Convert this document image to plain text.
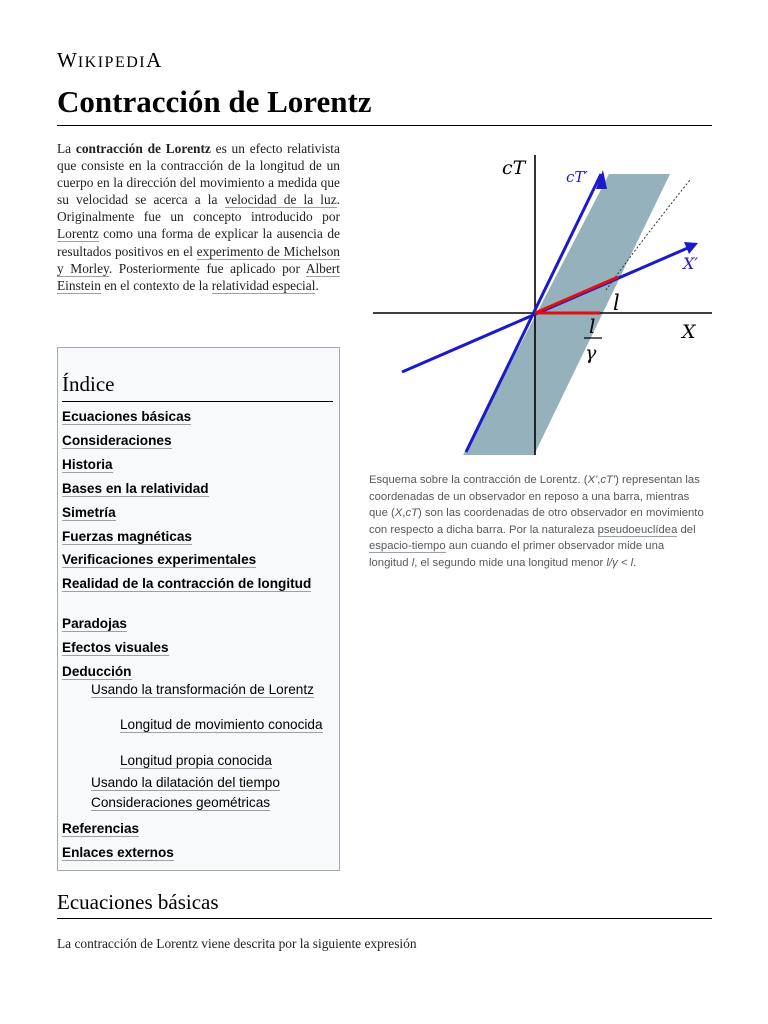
WIKIPEDIA
Contracción de Lorentz

La contracción de Lorentz es un efecto relativista que consiste en la contracción de la longitud de un cuerpo en la dirección del movimiento a medida que su velocidad se acerca a la velocidad de la luz. Originalmente fue un concepto introducido por Lorentz como una forma de explicar la ausencia de resultados positivos en el experimento de Michelson y Morley. Posteriormente fue aplicado por Albert Einstein en el contexto de la relatividad especial.

Índice
Ecuaciones básicas
Consideraciones
Historia
Bases en la relatividad
Simetría
Fuerzas magnéticas
Verificaciones experimentales
Realidad de la contracción de longitud
Paradojas
Efectos visuales
Deducción
Usando la transformación de Lorentz
Longitud de movimiento conocida
Longitud propia conocida
Usando la dilatación del tiempo
Consideraciones geométricas
Referencias
Enlaces externos
cT	cT′
X′
X
l
l
γ

Esquema sobre la contracción de Lorentz. (X',cT') representan las coordenadas de un observador en reposo a una barra, mientras que (X,cT) son las coordenadas de otro observador en movimiento con respecto a dicha barra. Por la naturaleza pseudoeuclídea del espacio-tiempo aun cuando el primer observador mide una longitud l, el segundo mide una longitud menor l/γ < l.

Ecuaciones básicas

La contracción de Lorentz viene descrita por la siguiente expresión
